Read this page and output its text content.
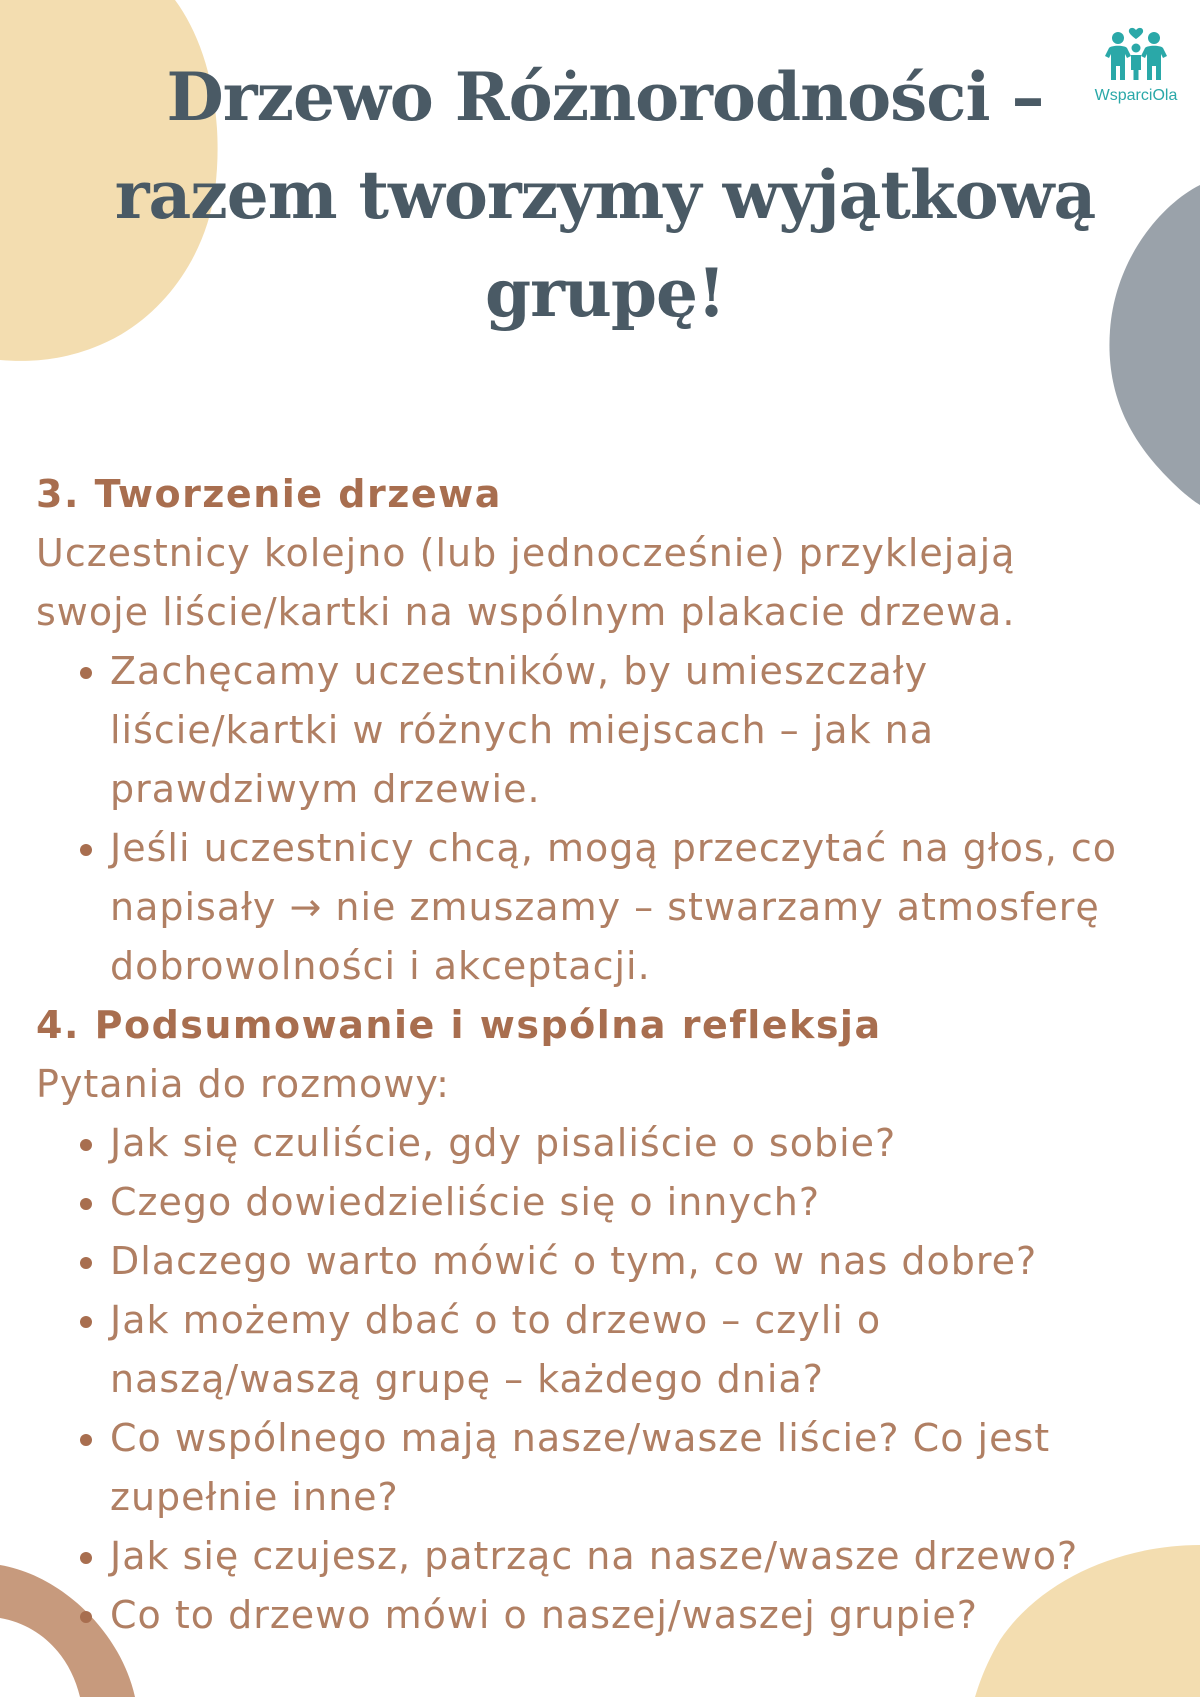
Drzewo Różnorodności –
razem tworzymy wyjątkową
grupę!
WsparciOla
3. Tworzenie drzewa
Uczestnicy kolejno (lub jednocześnie) przyklejają
swoje liście/kartki na wspólnym plakacie drzewa.
• Zachęcamy uczestników, by umieszczały
liście/kartki w różnych miejscach – jak na
prawdziwym drzewie.
• Jeśli uczestnicy chcą, mogą przeczytać na głos, co
napisały → nie zmuszamy – stwarzamy atmosferę
dobrowolności i akceptacji.
4. Podsumowanie i wspólna refleksja
Pytania do rozmowy:
• Jak się czuliście, gdy pisaliście o sobie?
• Czego dowiedzieliście się o innych?
• Dlaczego warto mówić o tym, co w nas dobre?
• Jak możemy dbać o to drzewo – czyli o
naszą/waszą grupę – każdego dnia?
• Co wspólnego mają nasze/wasze liście? Co jest
zupełnie inne?
• Jak się czujesz, patrząc na nasze/wasze drzewo?
• Co to drzewo mówi o naszej/waszej grupie?
